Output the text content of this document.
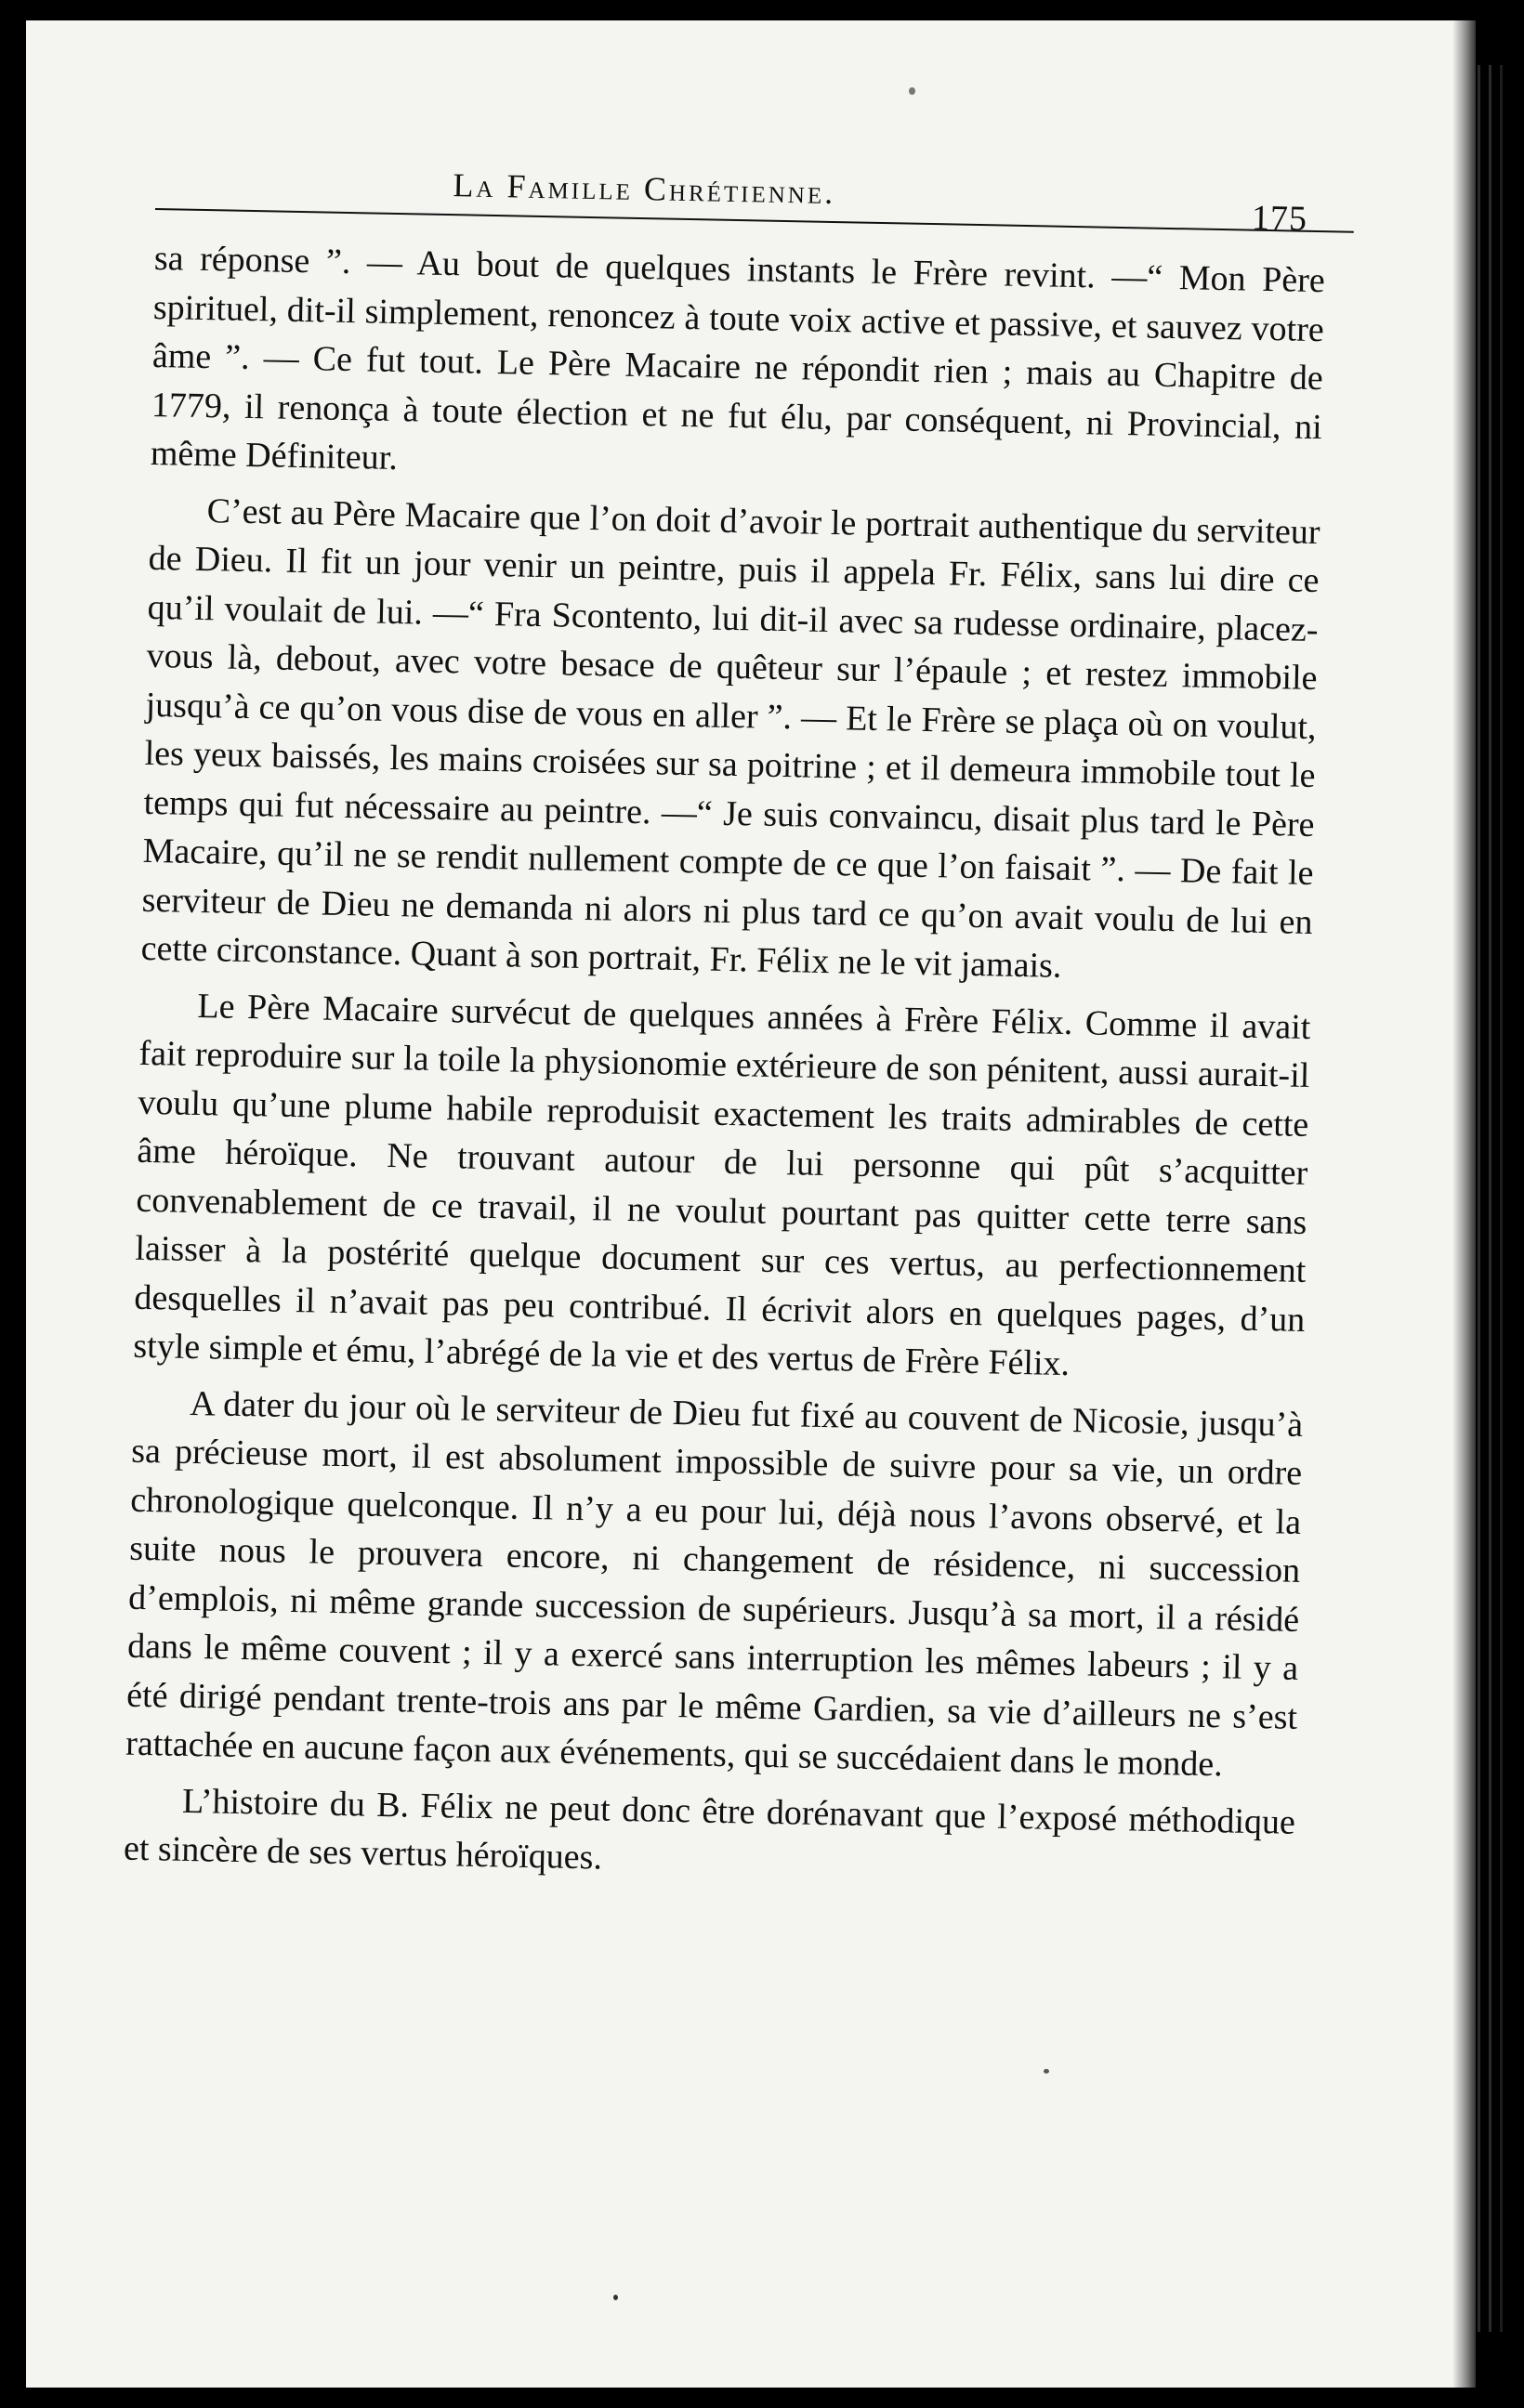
La Famille Chrétienne.
175

sa réponse ”. — Au bout de quelques instants le Frère revint. —“ Mon Père spirituel, dit-il simplement, renoncez à toute voix active et passive, et sauvez votre âme ”. — Ce fut tout. Le Père Macaire ne répondit rien ; mais au Chapitre de 1779, il renonça à toute élection et ne fut élu, par conséquent, ni Provincial, ni même Définiteur.

C’est au Père Macaire que l’on doit d’avoir le portrait authentique du serviteur de Dieu. Il fit un jour venir un peintre, puis il appela Fr. Félix, sans lui dire ce qu’il voulait de lui. —“ Fra Scontento, lui dit-il avec sa rudesse ordinaire, placez-vous là, debout, avec votre besace de quêteur sur l’épaule ; et restez immobile jusqu’à ce qu’on vous dise de vous en aller ”. — Et le Frère se plaça où on voulut, les yeux baissés, les mains croisées sur sa poitrine ; et il demeura immobile tout le temps qui fut nécessaire au peintre. —“ Je suis convaincu, disait plus tard le Père Macaire, qu’il ne se rendit nullement compte de ce que l’on faisait ”. — De fait le serviteur de Dieu ne demanda ni alors ni plus tard ce qu’on avait voulu de lui en cette circonstance. Quant à son portrait, Fr. Félix ne le vit jamais.

Le Père Macaire survécut de quelques années à Frère Félix. Comme il avait fait reproduire sur la toile la physionomie extérieure de son pénitent, aussi aurait-il voulu qu’une plume habile reproduisit exactement les traits admirables de cette âme héroïque. Ne trouvant autour de lui personne qui pût s’acquitter convenablement de ce travail, il ne voulut pourtant pas quitter cette terre sans laisser à la postérité quelque document sur ces vertus, au perfectionnement desquelles il n’avait pas peu contribué. Il écrivit alors en quelques pages, d’un style simple et ému, l’abrégé de la vie et des vertus de Frère Félix.

A dater du jour où le serviteur de Dieu fut fixé au couvent de Nicosie, jusqu’à sa précieuse mort, il est absolument impossible de suivre pour sa vie, un ordre chronologique quelconque. Il n’y a eu pour lui, déjà nous l’avons observé, et la suite nous le prouvera encore, ni changement de résidence, ni succession d’emplois, ni même grande succession de supérieurs. Jusqu’à sa mort, il a résidé dans le même couvent ; il y a exercé sans interruption les mêmes labeurs ; il y a été dirigé pendant trente-trois ans par le même Gardien, sa vie d’ailleurs ne s’est rattachée en aucune façon aux événements, qui se succédaient dans le monde.

L’histoire du B. Félix ne peut donc être dorénavant que l’exposé méthodique et sincère de ses vertus héroïques.
